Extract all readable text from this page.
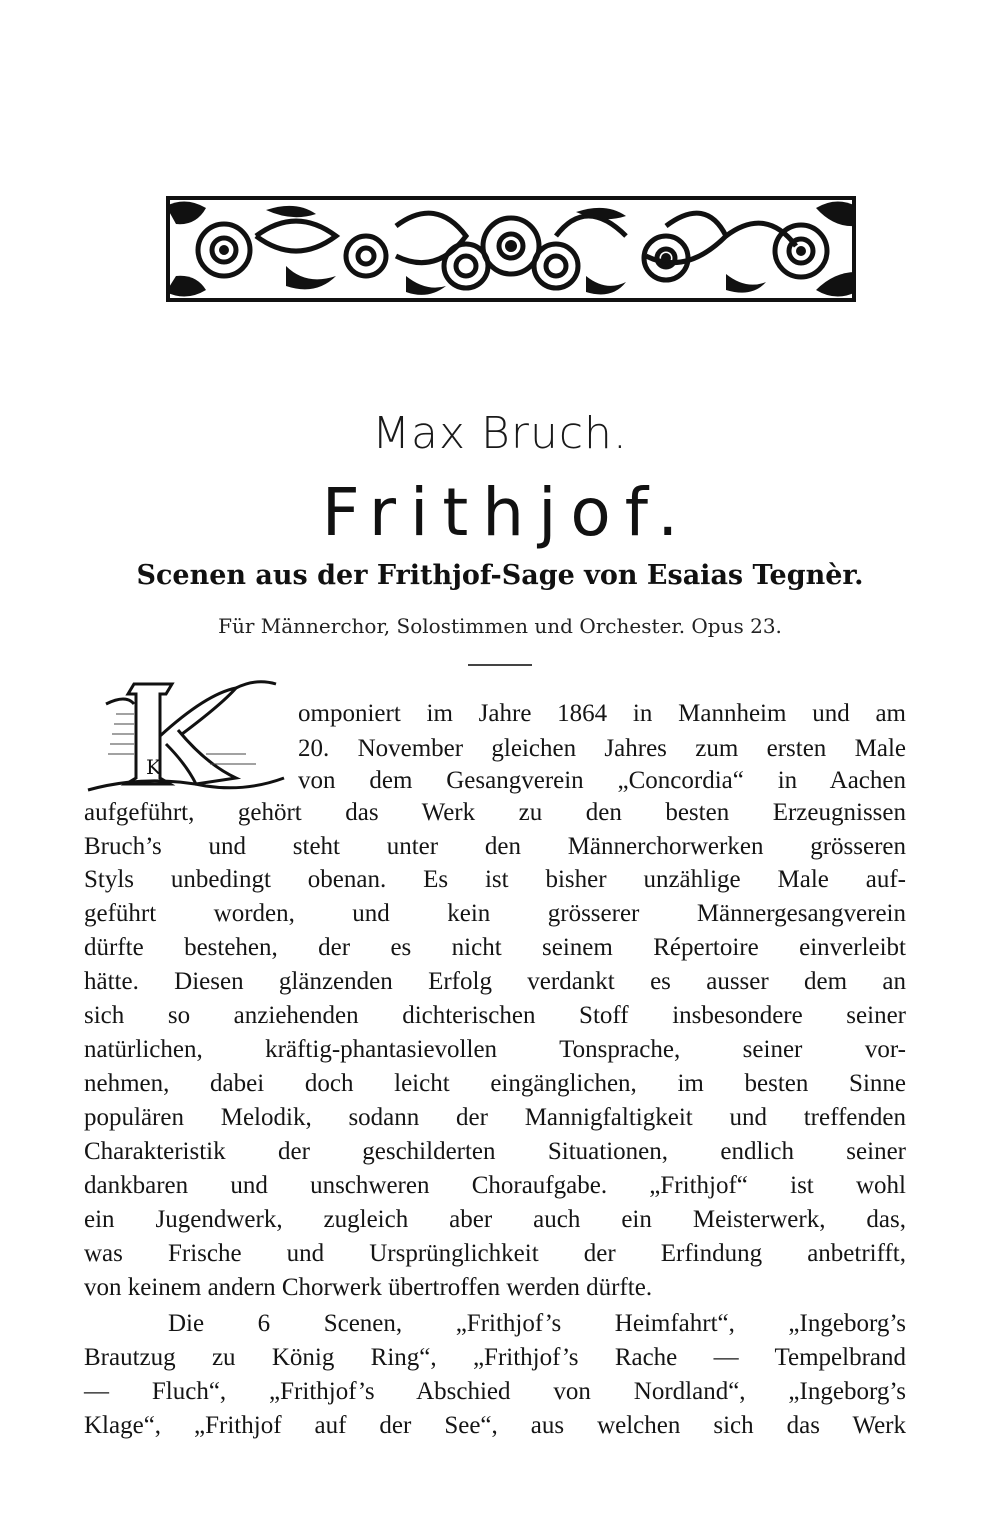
Max Bruch.
Frithjof.
Scenen aus der Frithjof-Sage von Esaias Tegnèr.
Für Männerchor, Solostimmen und Orchester. Opus 23.
K
omponiert im Jahre 1864 in Mannheim und am
20. November gleichen Jahres zum ersten Male
von dem Gesangverein „Concordia“ in Aachen
aufgeführt, gehört das Werk zu den besten Erzeugnissen
Bruch’s und steht unter den Männerchorwerken grösseren
Styls unbedingt obenan. Es ist bisher unzählige Male auf-
geführt worden, und kein grösserer Männergesangverein
dürfte bestehen, der es nicht seinem Répertoire einverleibt
hätte. Diesen glänzenden Erfolg verdankt es ausser dem an
sich so anziehenden dichterischen Stoff insbesondere seiner
natürlichen, kräftig-phantasievollen Tonsprache, seiner vor-
nehmen, dabei doch leicht eingänglichen, im besten Sinne
populären Melodik, sodann der Mannigfaltigkeit und treffenden
Charakteristik der geschilderten Situationen, endlich seiner
dankbaren und unschweren Choraufgabe. „Frithjof“ ist wohl
ein Jugendwerk, zugleich aber auch ein Meisterwerk, das,
was Frische und Ursprünglichkeit der Erfindung anbetrifft,
von keinem andern Chorwerk übertroffen werden dürfte.
Die 6 Scenen, „Frithjof’s Heimfahrt“, „Ingeborg’s
Brautzug zu König Ring“, „Frithjof’s Rache — Tempelbrand
— Fluch“, „Frithjof’s Abschied von Nordland“, „Ingeborg’s
Klage“, „Frithjof auf der See“, aus welchen sich das Werk
